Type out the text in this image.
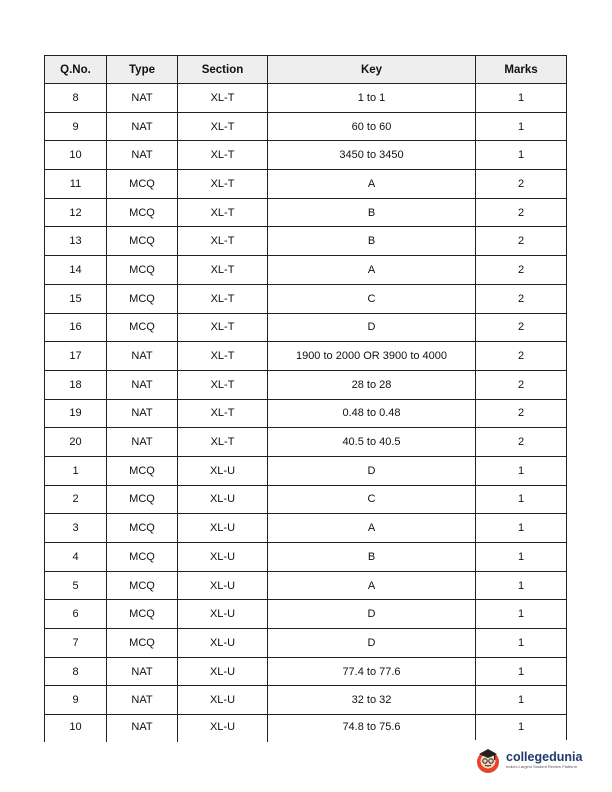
Q.No.	Type	Section	Key	Marks
8	NAT	XL-T	1 to 1	1
9	NAT	XL-T	60 to 60	1
10	NAT	XL-T	3450 to 3450	1
11	MCQ	XL-T	A	2
12	MCQ	XL-T	B	2
13	MCQ	XL-T	B	2
14	MCQ	XL-T	A	2
15	MCQ	XL-T	C	2
16	MCQ	XL-T	D	2
17	NAT	XL-T	1900 to 2000 OR 3900 to 4000	2
18	NAT	XL-T	28 to 28	2
19	NAT	XL-T	0.48 to 0.48	2
20	NAT	XL-T	40.5 to 40.5	2
1	MCQ	XL-U	D	1
2	MCQ	XL-U	C	1
3	MCQ	XL-U	A	1
4	MCQ	XL-U	B	1
5	MCQ	XL-U	A	1
6	MCQ	XL-U	D	1
7	MCQ	XL-U	D	1
8	NAT	XL-U	77.4 to 77.6	1
9	NAT	XL-U	32 to 32	1
10	NAT	XL-U	74.8 to 75.6	1
collegedunia
India's Largest Student Review Platform
